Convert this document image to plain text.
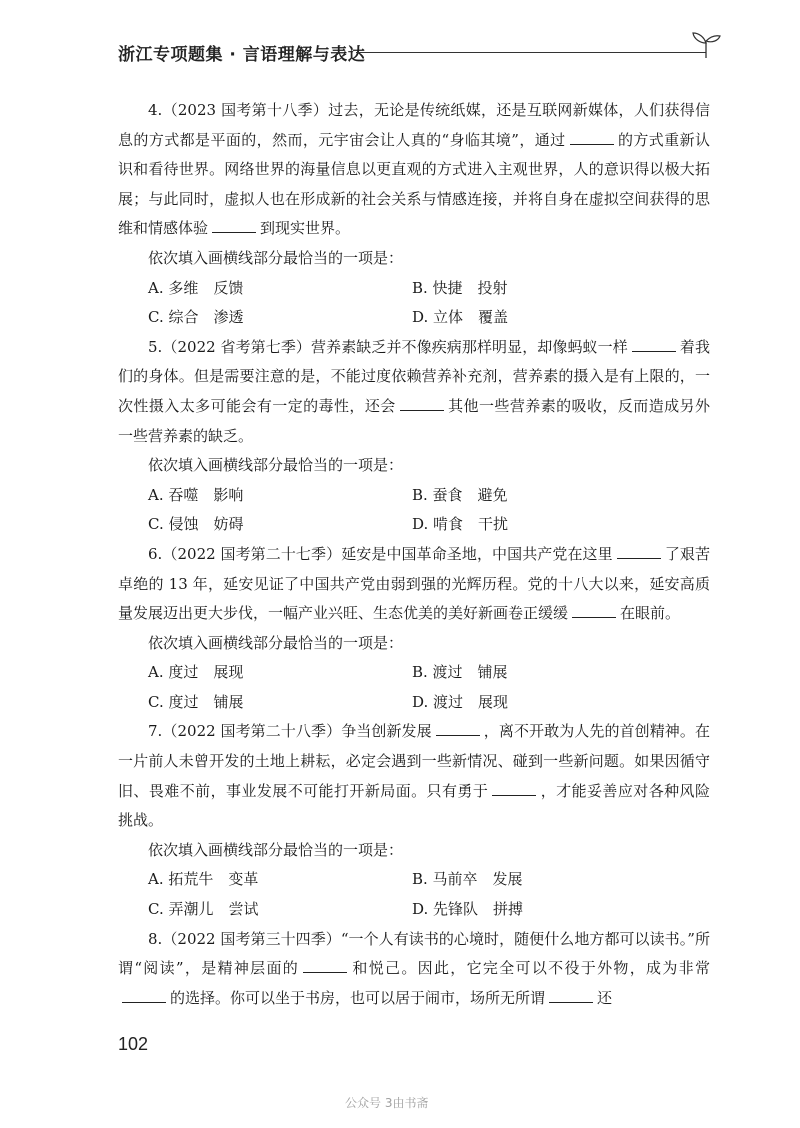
浙江专项题集 · 言语理解与表达

4.（2023 国考第十八季）过去，无论是传统纸媒，还是互联网新媒体，人们获得信息的方式都是平面的，然而，元宇宙会让人真的“身临其境”，通过	的方式重新认识和看待世界。网络世界的海量信息以更直观的方式进入主观世界，人的意识得以极大拓展；与此同时，虚拟人也在形成新的社会关系与情感连接，并将自身在虚拟空间获得的思维和情感体验	到现实世界。

依次填入画横线部分最恰当的一项是：

A. 多维　反馈	B. 快捷　投射
C. 综合　渗透	D. 立体　覆盖

5.（2022 省考第七季）营养素缺乏并不像疾病那样明显，却像蚂蚁一样	着我们的身体。但是需要注意的是，不能过度依赖营养补充剂，营养素的摄入是有上限的，一次性摄入太多可能会有一定的毒性，还会	其他一些营养素的吸收，反而造成另外一些营养素的缺乏。

依次填入画横线部分最恰当的一项是：

A. 吞噬　影响	B. 蚕食　避免
C. 侵蚀　妨碍	D. 啃食　干扰

6.（2022 国考第二十七季）延安是中国革命圣地，中国共产党在这里	了艰苦卓绝的 13 年，延安见证了中国共产党由弱到强的光辉历程。党的十八大以来，延安高质量发展迈出更大步伐，一幅产业兴旺、生态优美的美好新画卷正缓缓	在眼前。

依次填入画横线部分最恰当的一项是：

A. 度过　展现	B. 渡过　铺展
C. 度过　铺展	D. 渡过　展现

7.（2022 国考第二十八季）争当创新发展	，离不开敢为人先的首创精神。在一片前人未曾开发的土地上耕耘，必定会遇到一些新情况、碰到一些新问题。如果因循守旧、畏难不前，事业发展不可能打开新局面。只有勇于	，才能妥善应对各种风险挑战。

依次填入画横线部分最恰当的一项是：

A. 拓荒牛　变革	B. 马前卒　发展
C. 弄潮儿　尝试	D. 先锋队　拼搏

8.（2022 国考第三十四季）“一个人有读书的心境时，随便什么地方都可以读书。”所谓“阅读”，是精神层面的	和悦己。因此，它完全可以不役于外物，成为非常的选择。你可以坐于书房，也可以居于闹市，场所无所谓	还

102
公众号 3由书斋
